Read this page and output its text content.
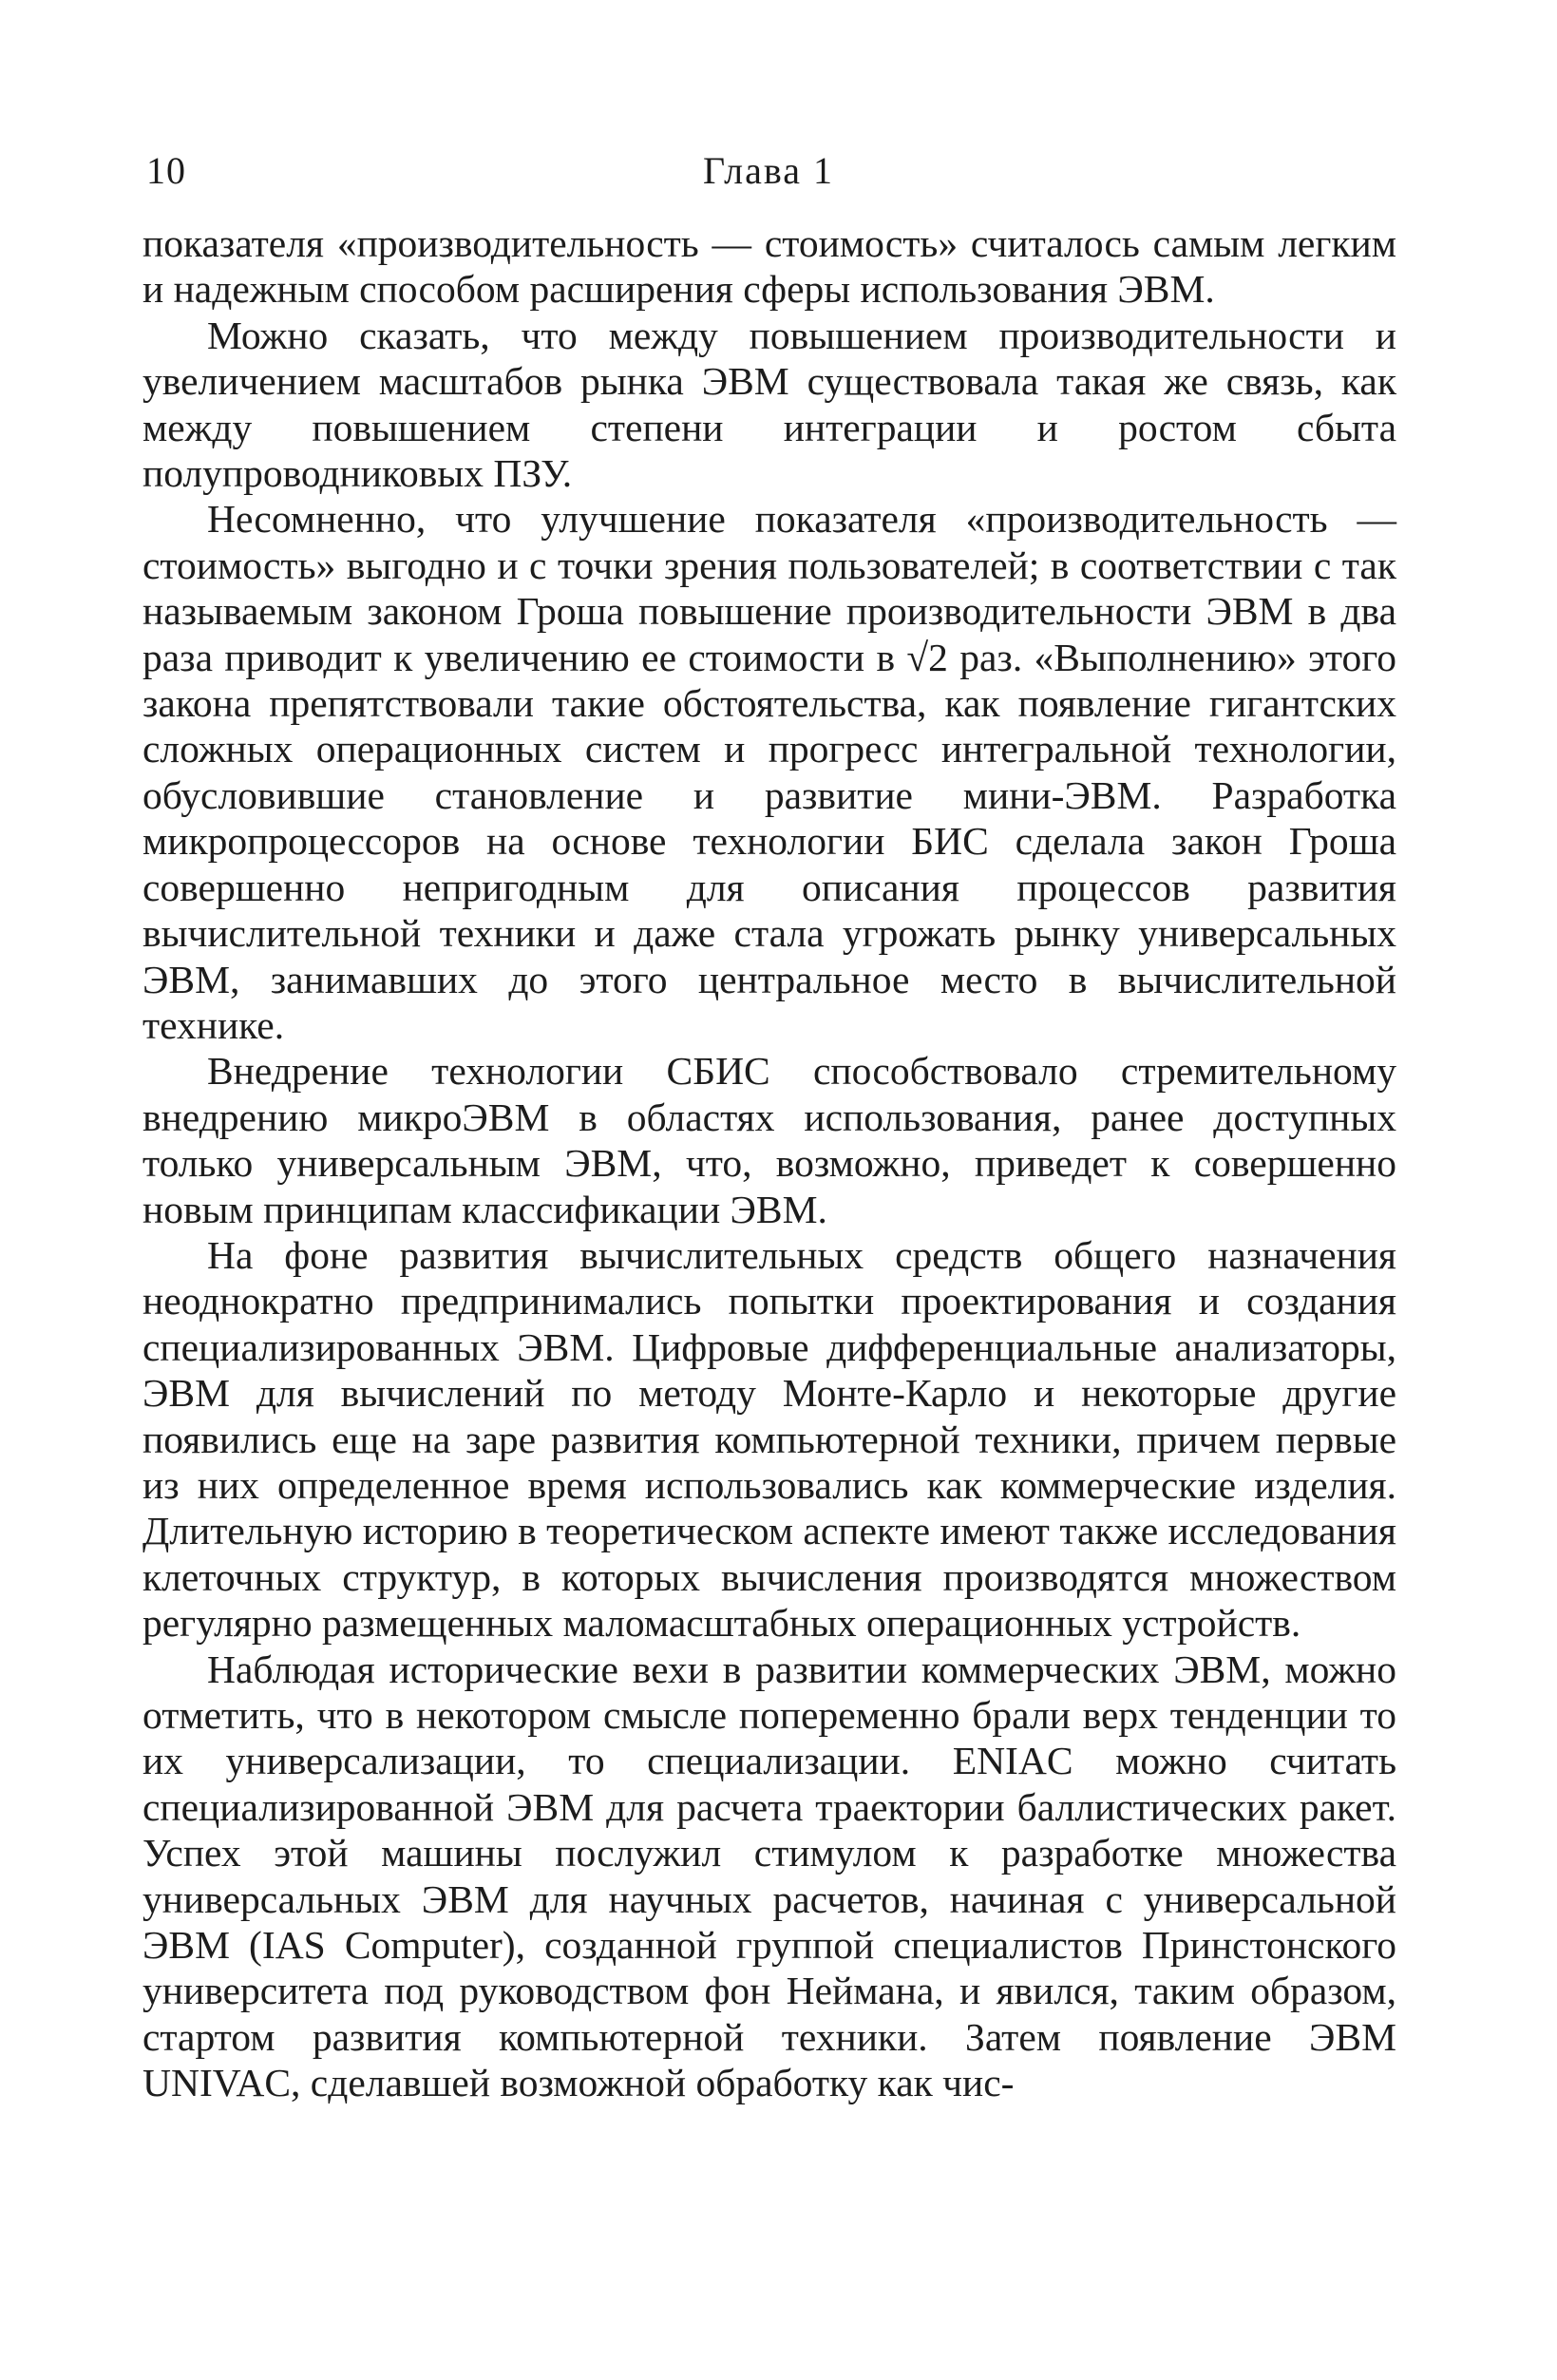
10	Глава 1

показателя «производительность — стоимость» считалось самым легким и надежным способом расширения сферы использования ЭВМ.

Можно сказать, что между повышением производительности и увеличением масштабов рынка ЭВМ существовала такая же связь, как между повышением степени интеграции и ростом сбыта полупроводниковых ПЗУ.

Несомненно, что улучшение показателя «производительность — стоимость» выгодно и с точки зрения пользователей; в соответствии с так называемым законом Гроша повышение производительности ЭВМ в два раза приводит к увеличению ее стоимости в √2 раз. «Выполнению» этого закона препятствовали такие обстоятельства, как появление гигантских сложных операционных систем и прогресс интегральной технологии, обусловившие становление и развитие мини-ЭВМ. Разработка микропроцессоров на основе технологии БИС сделала закон Гроша совершенно непригодным для описания процессов развития вычислительной техники и даже стала угрожать рынку универсальных ЭВМ, занимавших до этого центральное место в вычислительной технике.

Внедрение технологии СБИС способствовало стремительному внедрению микроЭВМ в областях использования, ранее доступных только универсальным ЭВМ, что, возможно, приведет к совершенно новым принципам классификации ЭВМ.

На фоне развития вычислительных средств общего назначения неоднократно предпринимались попытки проектирования и создания специализированных ЭВМ. Цифровые дифференциальные анализаторы, ЭВМ для вычислений по методу Монте-Карло и некоторые другие появились еще на заре развития компьютерной техники, причем первые из них определенное время использовались как коммерческие изделия. Длительную историю в теоретическом аспекте имеют также исследования клеточных структур, в которых вычисления производятся множеством регулярно размещенных маломасштабных операционных устройств.

Наблюдая исторические вехи в развитии коммерческих ЭВМ, можно отметить, что в некотором смысле попеременно брали верх тенденции то их универсализации, то специализации. ENIAC можно считать специализированной ЭВМ для расчета траектории баллистических ракет. Успех этой машины послужил стимулом к разработке множества универсальных ЭВМ для научных расчетов, начиная с универсальной ЭВМ (IAS Computer), созданной группой специалистов Принстонского университета под руководством фон Неймана, и явился, таким образом, стартом развития компьютерной техники. Затем появление ЭВМ UNIVAC, сделавшей возможной обработку как чис-
